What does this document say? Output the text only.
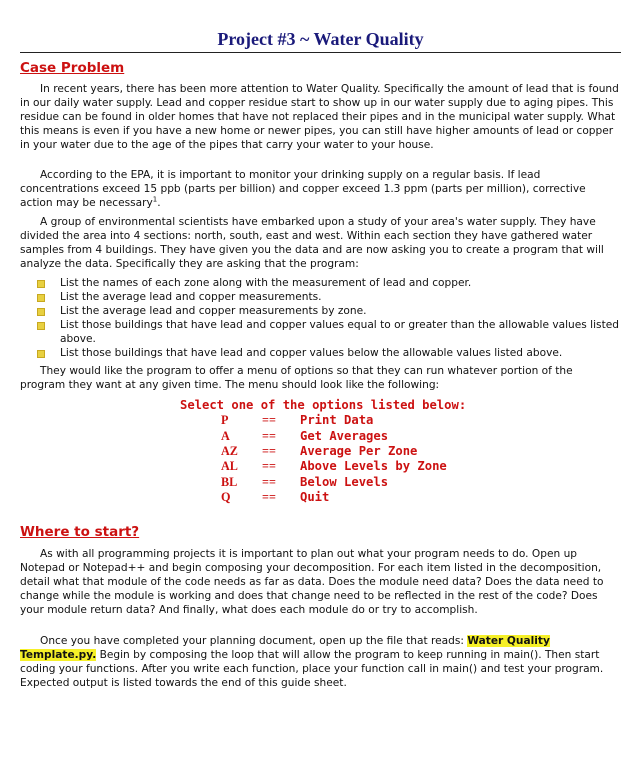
Project #3 ~ Water Quality
Case Problem

In recent years, there has been more attention to Water Quality. Specifically the amount of lead that is found in our daily water supply. Lead and copper residue start to show up in our water supply due to aging pipes. This residue can be found in older homes that have not replaced their pipes and in the municipal water supply. What this means is even if you have a new home or newer pipes, you can still have higher amounts of lead or copper in your water due to the age of the pipes that carry your water to your house.

According to the EPA, it is important to monitor your drinking supply on a regular basis. If lead concentrations exceed 15 ppb (parts per billion) and copper exceed 1.3 ppm (parts per million), corrective action may be necessary$^1$.

A group of environmental scientists have embarked upon a study of your area's water supply. They have divided the area into 4 sections: north, south, east and west. Within each section they have gathered water samples from 4 buildings. They have given you the data and are now asking you to create a program that will analyze the data. Specifically they are asking that the program:

List the names of each zone along with the measurement of lead and copper.
List the average lead and copper measurements.
List the average lead and copper measurements by zone.
List those buildings that have lead and copper values equal to or greater than the allowable values listed above.
List those buildings that have lead and copper values below the allowable values listed above.

They would like the program to offer a menu of options so that they can run whatever portion of the program they want at any given time. The menu should look like the following:

Select one of the options listed below:
P	== Print Data
A	== Get Averages
AZ == Average Per Zone
AL == Above Levels by Zone
BL == Below Levels
Q	== Quit
Where to start?

As with all programming projects it is important to plan out what your program needs to do. Open up Notepad or Notepad++ and begin composing your decomposition. For each item listed in the decomposition, detail what that module of the code needs as far as data. Does the module need data? Does the data need to change while the module is working and does that change need to be reflected in the rest of the code? Does your module return data? And finally, what does each module do or try to accomplish.

Once you have completed your planning document, open up the file that reads: Water Quality Template.py. Begin by composing the loop that will allow the program to keep running in main(). Then start coding your functions. After you write each function, place your function call in main() and test your program. Expected output is listed towards the end of this guide sheet.
